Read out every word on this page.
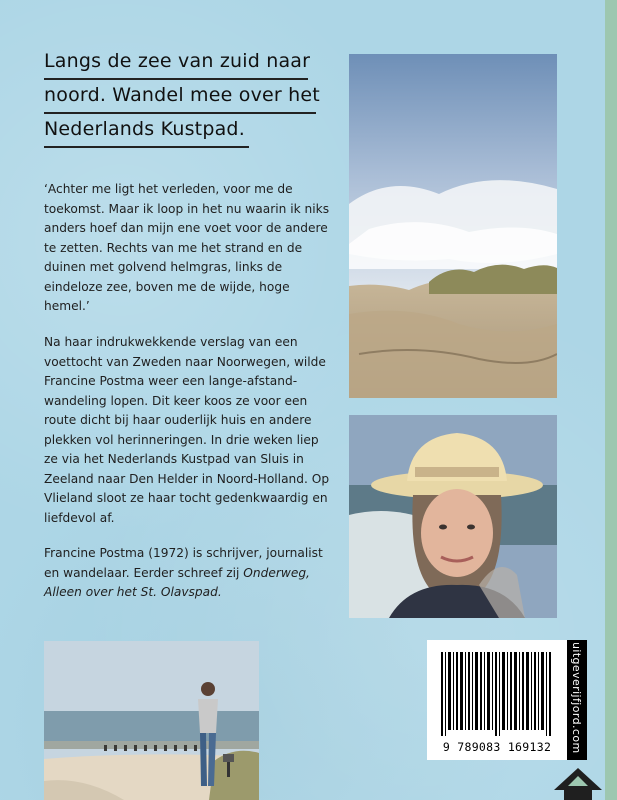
Langs de zee van zuid naar
noord. Wandel mee over het
Nederlands Kustpad.

‘Achter me ligt het verleden, voor me de toekomst. Maar ik loop in het nu waarin ik niks anders hoef dan mijn ene voet voor de andere te zetten. Rechts van me het strand en de duinen met golvend helmgras, links de eindeloze zee, boven me de wijde, hoge hemel.’

Na haar indrukwekkende verslag van een voettocht van Zweden naar Noorwegen, wilde Francine Postma weer een lange-afstand-wandeling lopen. Dit keer koos ze voor een route dicht bij haar ouderlijk huis en andere plekken vol herinneringen. In drie weken liep ze via het Nederlands Kustpad van Sluis in Zeeland naar Den Helder in Noord-Holland. Op Vlieland sloot ze haar tocht gedenkwaardig en liefdevol af.

Francine Postma (1972) is schrijver, journalist en wandelaar. Eerder schreef zij Onderweg, Alleen over het St. Olavspad.

9 789083 169132	uitgeverijfjord.com
